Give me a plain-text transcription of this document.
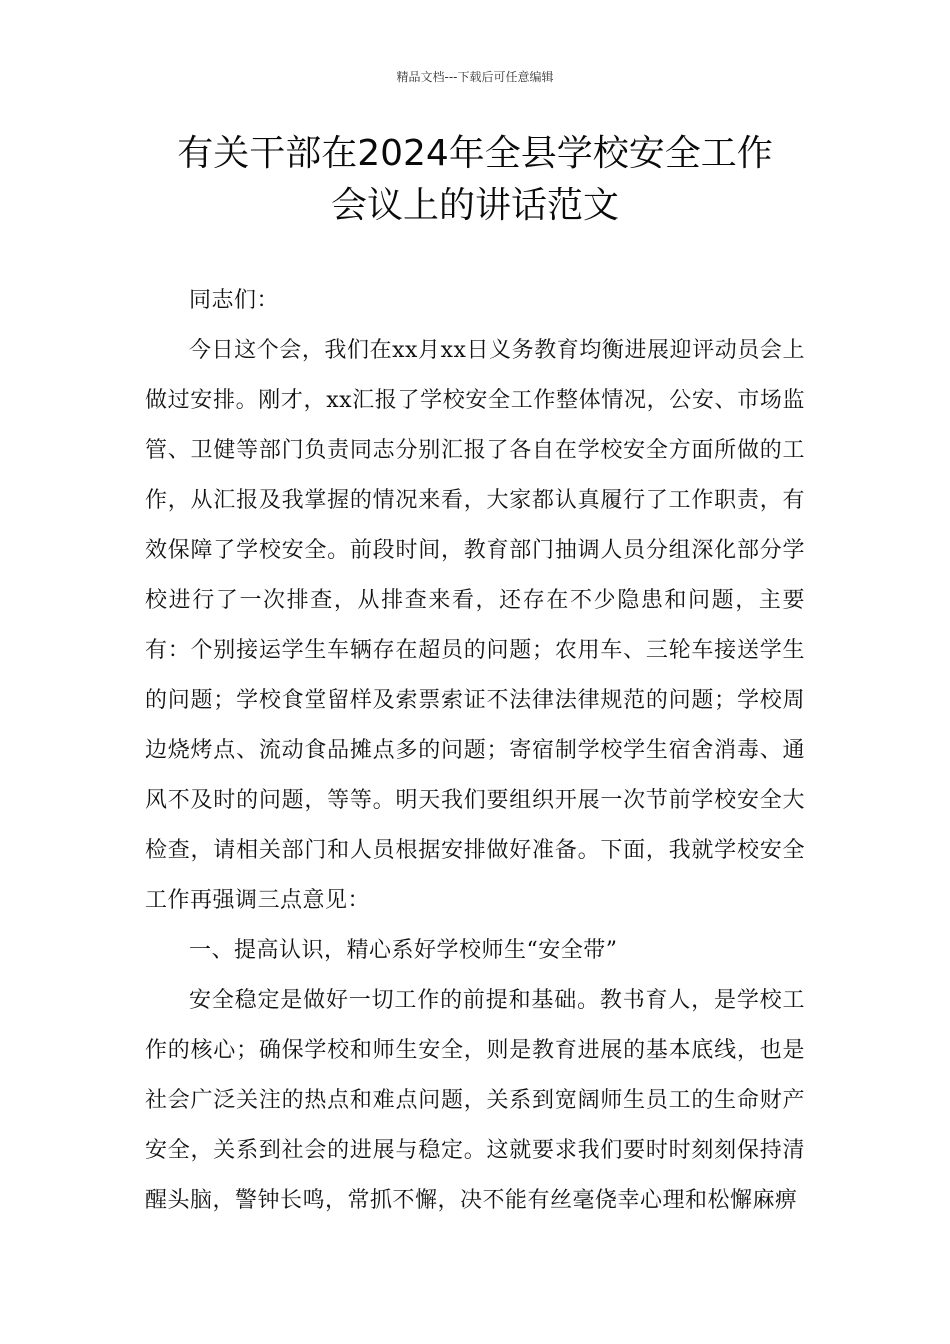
精品文档---下载后可任意编辑
有关干部在2024年全县学校安全工作
会议上的讲话范文

同志们：

今日这个会，我们在xx月xx日义务教育均衡进展迎评动员会上做过安排。刚才，xx汇报了学校安全工作整体情况，公安、市场监管、卫健等部门负责同志分别汇报了各自在学校安全方面所做的工作，从汇报及我掌握的情况来看，大家都认真履行了工作职责，有效保障了学校安全。前段时间，教育部门抽调人员分组深化部分学校进行了一次排查，从排查来看，还存在不少隐患和问题，主要有：个别接运学生车辆存在超员的问题；农用车、三轮车接送学生的问题；学校食堂留样及索票索证不法律法律规范的问题；学校周边烧烤点、流动食品摊点多的问题；寄宿制学校学生宿舍消毒、通风不及时的问题，等等。明天我们要组织开展一次节前学校安全大检查，请相关部门和人员根据安排做好准备。下面，我就学校安全工作再强调三点意见：

一、提高认识，精心系好学校师生“安全带”

安全稳定是做好一切工作的前提和基础。教书育人，是学校工作的核心；确保学校和师生安全，则是教育进展的基本底线，也是社会广泛关注的热点和难点问题，关系到宽阔师生员工的生命财产安全，关系到社会的进展与稳定。这就要求我们要时时刻刻保持清醒头脑，警钟长鸣，常抓不懈，决不能有丝毫侥幸心理和松懈麻痹
